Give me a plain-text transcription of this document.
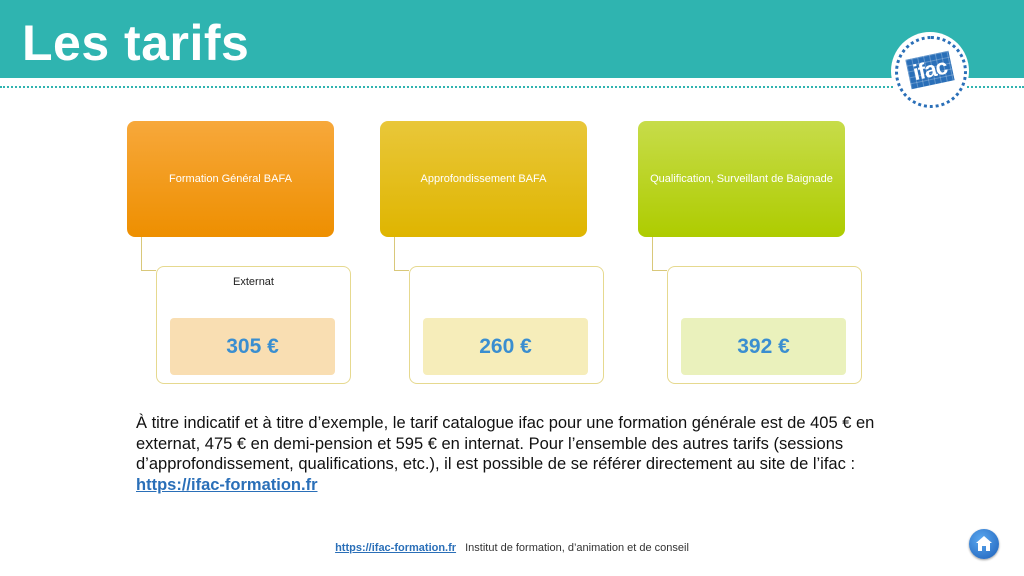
Les tarifs	ifac
Formation Général BAFA
Externat
305 €
Approfondissement BAFA
260 €
Qualification, Surveillant de Baignade
392 €
À titre indicatif et à titre d’exemple, le tarif catalogue ifac pour une formation générale est de 405 € en externat, 475 € en demi-pension et 595 € en internat. Pour l’ensemble des autres tarifs (sessions d’approfondissement, qualifications, etc.), il est possible de se référer directement au site de l’ifac :
https://ifac-formation.fr
https://ifac-formation.fr Institut de formation, d’animation et de conseil
